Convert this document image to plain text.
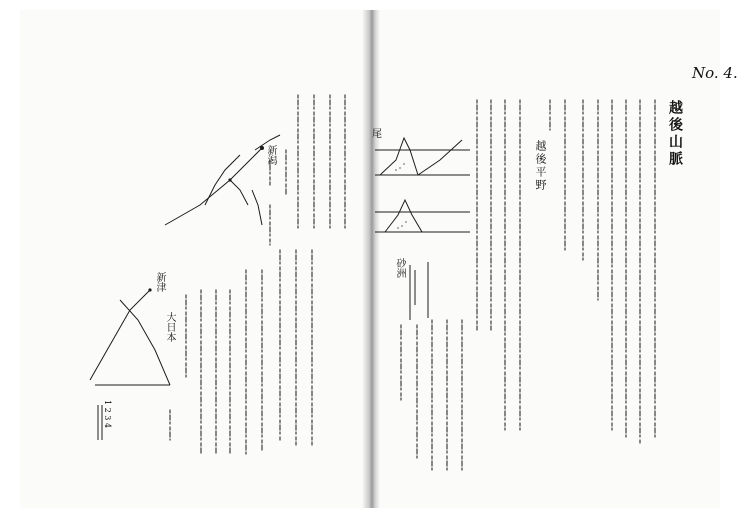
No. 4.
越後山脈
越後平野
尾
砂洲
新潟
新津
大日本
1 2 3 4
